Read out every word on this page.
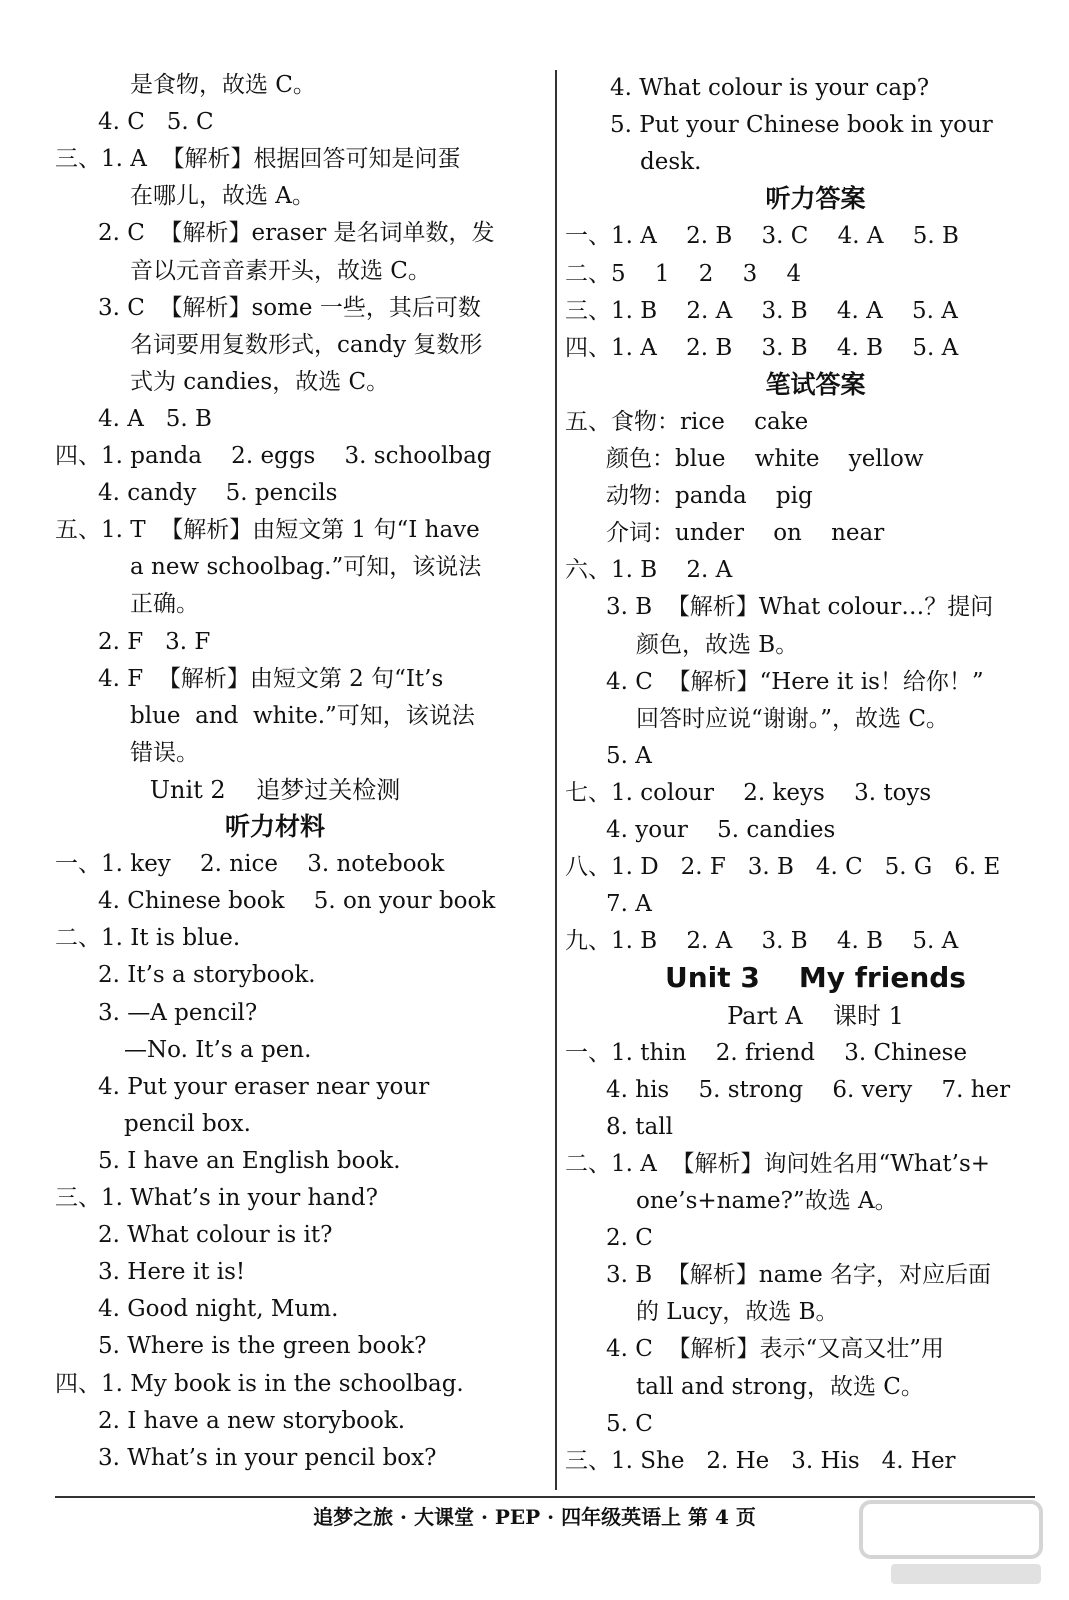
是食物，故选 C。
4. C   5. C
三、1. A  【解析】根据回答可知是问蛋
在哪儿，故选 A。
2. C  【解析】eraser 是名词单数，发
音以元音音素开头，故选 C。
3. C  【解析】some 一些，其后可数
名词要用复数形式，candy 复数形
式为 candies，故选 C。
4. A   5. B
四、1. panda    2. eggs    3. schoolbag
4. candy    5. pencils
五、1. T  【解析】由短文第 1 句“I have
a new schoolbag.”可知，该说法
正确。
2. F   3. F
4. F  【解析】由短文第 2 句“It’s
blue  and  white.”可知，该说法
错误。
Unit 2    追梦过关检测
听力材料
一、1. key    2. nice    3. notebook
4. Chinese book    5. on your book
二、1. It is blue.
2. It’s a storybook.
3. —A pencil?
—No. It’s a pen.
4. Put your eraser near your
pencil box.
5. I have an English book.
三、1. What’s in your hand?
2. What colour is it?
3. Here it is!
4. Good night, Mum.
5. Where is the green book?
四、1. My book is in the schoolbag.
2. I have a new storybook.
3. What’s in your pencil box?
4. What colour is your cap?
5. Put your Chinese book in your
desk.
听力答案
一、1. A    2. B    3. C    4. A    5. B
二、5    1    2    3    4
三、1. B    2. A    3. B    4. A    5. A
四、1. A    2. B    3. B    4. B    5. A
笔试答案
五、食物：rice    cake
颜色：blue    white    yellow
动物：panda    pig
介词：under    on    near
六、1. B    2. A
3. B  【解析】What colour…？提问
颜色，故选 B。
4. C  【解析】“Here it is！给你！”
回答时应说“谢谢。”，故选 C。
5. A
七、1. colour    2. keys    3. toys
4. your    5. candies
八、1. D   2. F   3. B   4. C   5. G   6. E
7. A
九、1. B    2. A    3. B    4. B    5. A
Unit 3    My friends
Part A    课时 1
一、1. thin    2. friend    3. Chinese
4. his    5. strong    6. very    7. her
8. tall
二、1. A  【解析】询问姓名用“What’s+
one’s+name?”故选 A。
2. C
3. B  【解析】name 名字，对应后面
的 Lucy，故选 B。
4. C  【解析】表示“又高又壮”用
tall and strong，故选 C。
5. C
三、1. She   2. He   3. His   4. Her
追梦之旅 · 大课堂 · PEP · 四年级英语上 第 4 页
